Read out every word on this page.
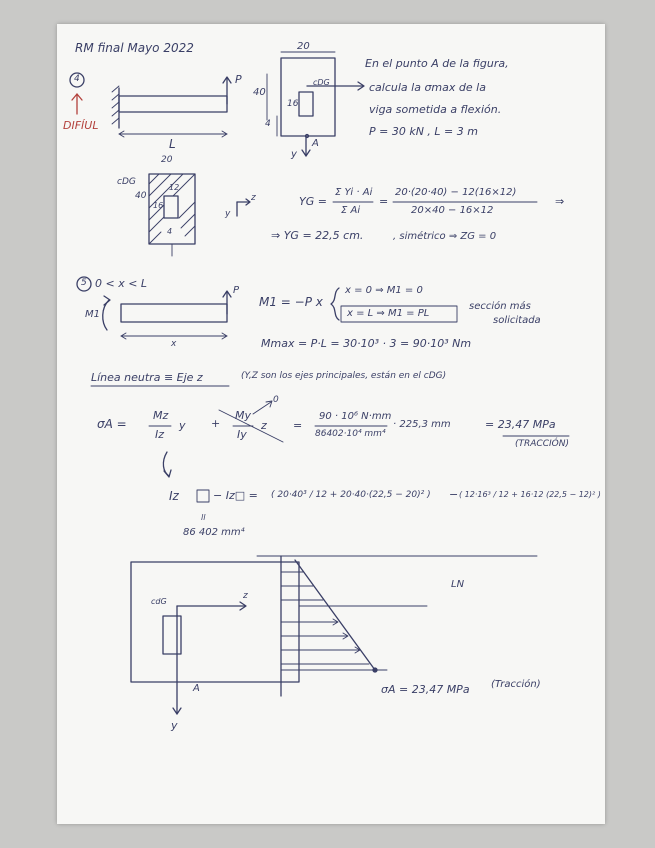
RM final Mayo 2022
4
DIFÍUL
P
L
20
40
16
4
cDG
A
y
En el punto A de la figura,
calcula la σmax de la
viga sometida a flexión.
P = 30 kN , L = 3 m
cDG
20
40
12
16
4
z
y
YG =
Σ Yi · Ai
Σ Ai
=
20·(20·40) − 12(16×12)
20×40 − 16×12
⇒
⇒ YG = 22,5 cm.	, simétrico ⇒ ZG = 0
5 0 < x < L
M1
P
x
M1 = −P x
x = 0 ⇒ M1 = 0
x = L ⇒ M1 = PL
sección más
solicitada
Mmax = P·L = 30·10³ · 3 = 90·10³ Nm
Línea neutra ≡ Eje z	(Y,Z son los ejes principales, están en el cDG)
σA =
Mz
Iz
y +
My
Iy
z
0
=
90 · 10⁶ N·mm
86402·10⁴ mm⁴
· 225,3 mm	= 23,47 MPa
(TRACCIÓN)
Iz	− Iz□ = ( 20·40³ / 12 + 20·40·(22,5 − 20)² ) − ( 12·16³ / 12 + 16·12 (22,5 − 12)² )
ll
86 402 mm⁴
cdG
z
A
y
LN
σA = 23,47 MPa (Tracción)
